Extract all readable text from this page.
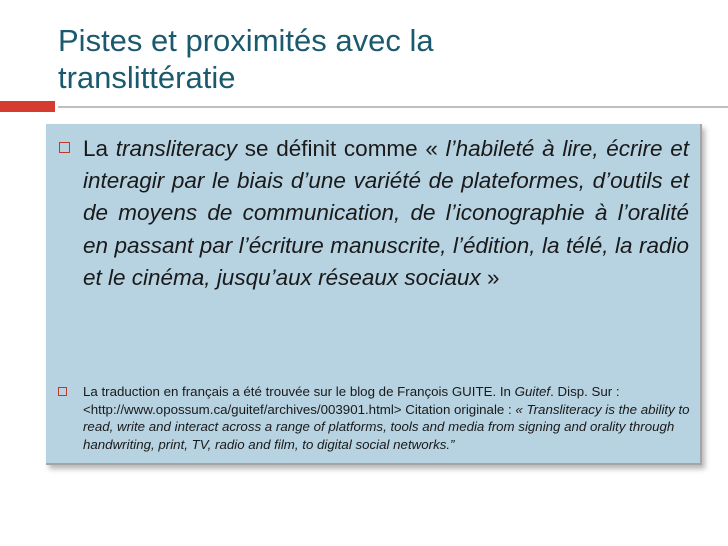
Pistes et proximités avec la
translittératie
La transliteracy se définit comme « l’habileté à lire, écrire et interagir par le biais d’une variété de plateformes, d’outils et de moyens de communication, de l’iconographie à l’oralité en passant par l’écriture manuscrite, l’édition, la télé, la radio et le cinéma, jusqu’aux réseaux sociaux »
La traduction en français a été trouvée sur le blog de François GUITE. In Guitef. Disp. Sur : <http://www.opossum.ca/guitef/archives/003901.html> Citation originale : « Transliteracy is the ability to read, write and interact across a range of platforms, tools and media from signing and orality through handwriting, print, TV, radio and film, to digital social networks.”
